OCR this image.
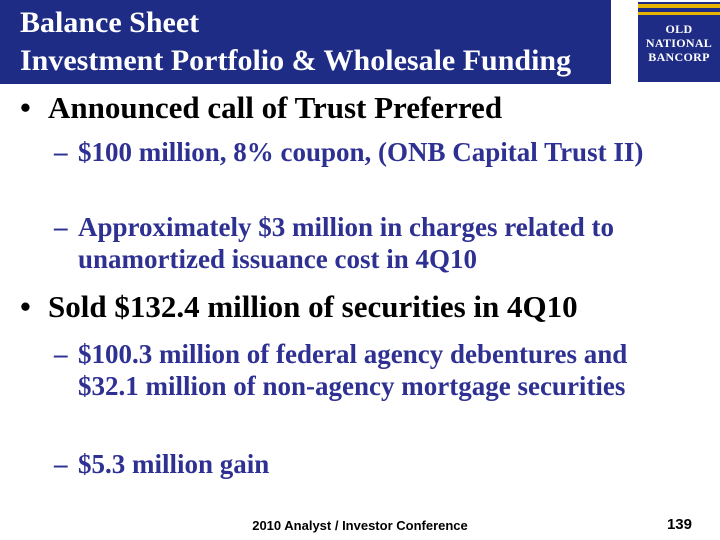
Balance Sheet
Investment Portfolio & Wholesale Funding
OLD
NATIONAL
BANCORP
• Announced call of Trust Preferred
– $100 million, 8% coupon, (ONB Capital Trust II)
– Approximately $3 million in charges related to unamortized issuance cost in 4Q10
• Sold $132.4 million of securities in 4Q10
– $100.3 million of federal agency debentures and $32.1 million of non-agency mortgage securities
– $5.3 million gain
2010 Analyst / Investor Conference	139
